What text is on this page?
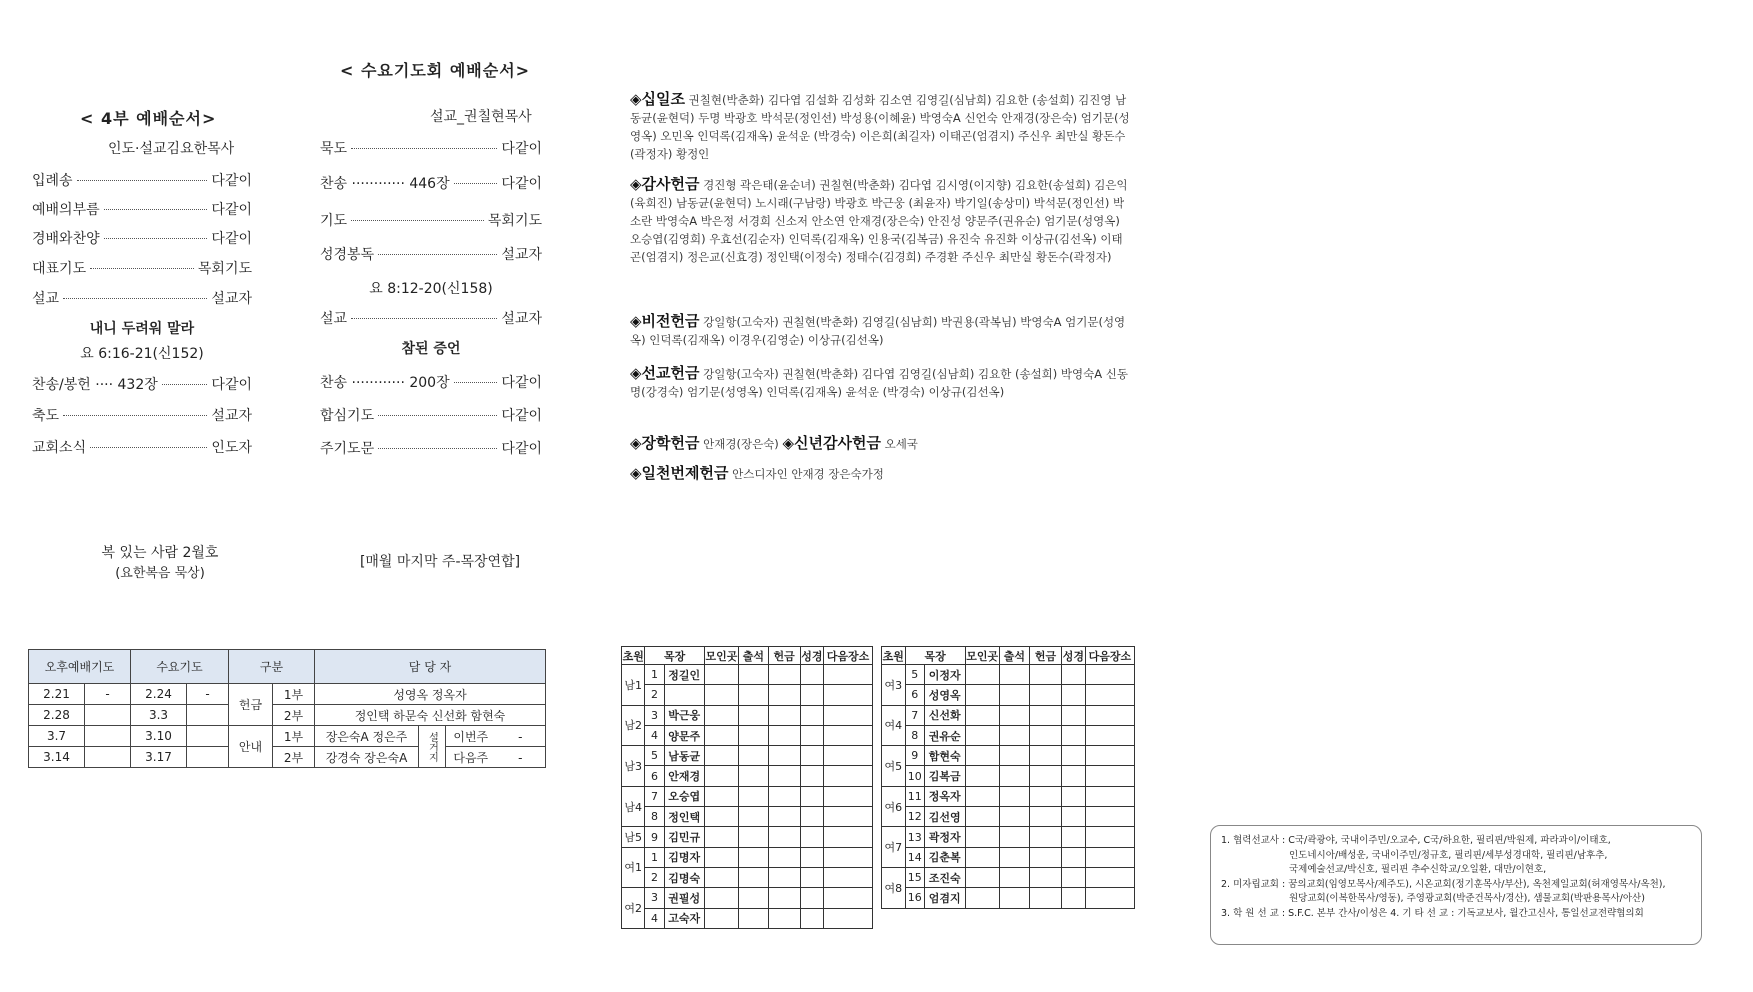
< 수요기도회 예배순서>
< 4부 예배순서>
인도·설교김요한목사
입례송	다같이
예배의부름	다같이
경배와찬양	다같이
대표기도	목회기도
설교	설교자
내니 두려워 말라
요 6:16-21(신152)
찬송/봉헌 ···· 432장	다같이
축도	설교자
교회소식	인도자
설교_권칠현목사
묵도	다같이
찬송 ············ 446장	다같이
기도	목회기도
성경봉독	설교자
요 8:12-20(신158)
설교	설교자
참된 증언
찬송 ············ 200장	다같이
합심기도	다같이
주기도문	다같이
복 있는 사람 2월호
(요한복음 묵상)
[매월 마지막 주-목장연합]
◈십일조 권칠현(박춘화) 김다엽 김설화 김성화 김소연 김영길(심남희) 김요한 (송설희) 김진영 남동균(윤현덕) 두명 박광호 박석문(정인선) 박성용(이혜윤) 박영숙A 신언숙 안재경(장은숙) 엄기문(성영옥) 오민옥 인덕록(김재옥) 윤석운 (박경숙) 이은희(최길자) 이태곤(엄겸지) 주신우 최만실 황돈수(곽정자) 황정인
◈감사헌금 경진형 곽은태(윤순녀) 권칠현(박춘화) 김다엽 김시영(이지향) 김요한(송설희) 김은익(육희진) 남동균(윤현덕) 노시래(구남랑) 박광호 박근웅 (최윤자) 박기일(송상미) 박석문(정인선) 박소란 박영숙A 박은정 서경희 신소저 안소연 안재경(장은숙) 안진성 양문주(권유순) 엄기문(성영옥) 오승엽(김영희) 우효선(김순자) 인덕록(김재옥) 인용국(김복금) 유진숙 유진화 이상규(김선옥) 이태곤(엄겸지) 정은교(신효경) 정인택(이정숙) 정태수(김경희) 주경환 주신우 최만실 황돈수(곽정자)
◈비전헌금 강일항(고숙자) 권칠현(박춘화) 김영길(심남희) 박권용(곽복님) 박영숙A 엄기문(성영옥) 인덕록(김재옥) 이경우(김영순) 이상규(김선옥)
◈선교헌금 강일항(고숙자) 권칠현(박춘화) 김다엽 김영길(심남희) 김요한 (송설희) 박영숙A 신동명(강경숙) 엄기문(성영옥) 인덕록(김재옥) 윤석운 (박경숙) 이상규(김선옥)
◈장학헌금 안재경(장은숙) ◈신년감사헌금 오세국
◈일천번제헌금 안스디자인 안재경 장은숙가정
오후예배기도		수요기도		구분		담 당 자		
2.21	-	2.24	-	헌금	1부	성영옥 정옥자		
2.28		3.3			2부	정인택 하문숙 신선화 함현숙		
3.7		3.10		안내	1부	장은숙A 정은주	설거지	이번주 -
3.14		3.17			2부	강경숙 장은숙A		다음주 -
초원	목장		모인곳	출석	헌금	성경	다음장소
남1	1	정길인					
	2						
남2	3	박근웅					
	4	양문주					
남3	5	남동균					
	6	안재경					
남4	7	오승엽					
	8	정인택					
남5	9	김민규					
여1	1	김명자					
	2	김명숙					
여2	3	권필성					
	4	고숙자					
초원	목장		모인곳	출석	헌금	성경	다음장소
여3	5	이정자					
	6	성영옥					
여4	7	신선화					
	8	권유순					
여5	9	함현숙					
	10	김복금					
여6	11	정옥자					
	12	김선영					
여7	13	곽정자					
	14	김춘복					
여8	15	조진숙					
	16	엄겸지					
1. 협력선교사 : C국/곽광야, 국내이주민/오교수, C국/하요한, 필리핀/박원제, 파라과이/이태호,
인도네시아/배성운, 국내이주민/정규호, 필리핀/세부성경대학, 필리핀/남후추,
국제예술선교/박신호, 필리핀 추수신학교/오일환, 대만/이현호,
2. 미자립교회 : 꿈의교회(임영모목사/제주도), 시온교회(정기훈목사/부산), 옥천제일교회(허재영목사/옥천),
원당교회(이복한목사/영동), 주영광교회(박준건목사/경산), 샘물교회(박판용목사/아산)
3. 학 원 선 교 : S.F.C. 본부 간사/이성은 4. 기 타 선 교 : 기독교보사, 월간고신사, 통일선교전략협의회
